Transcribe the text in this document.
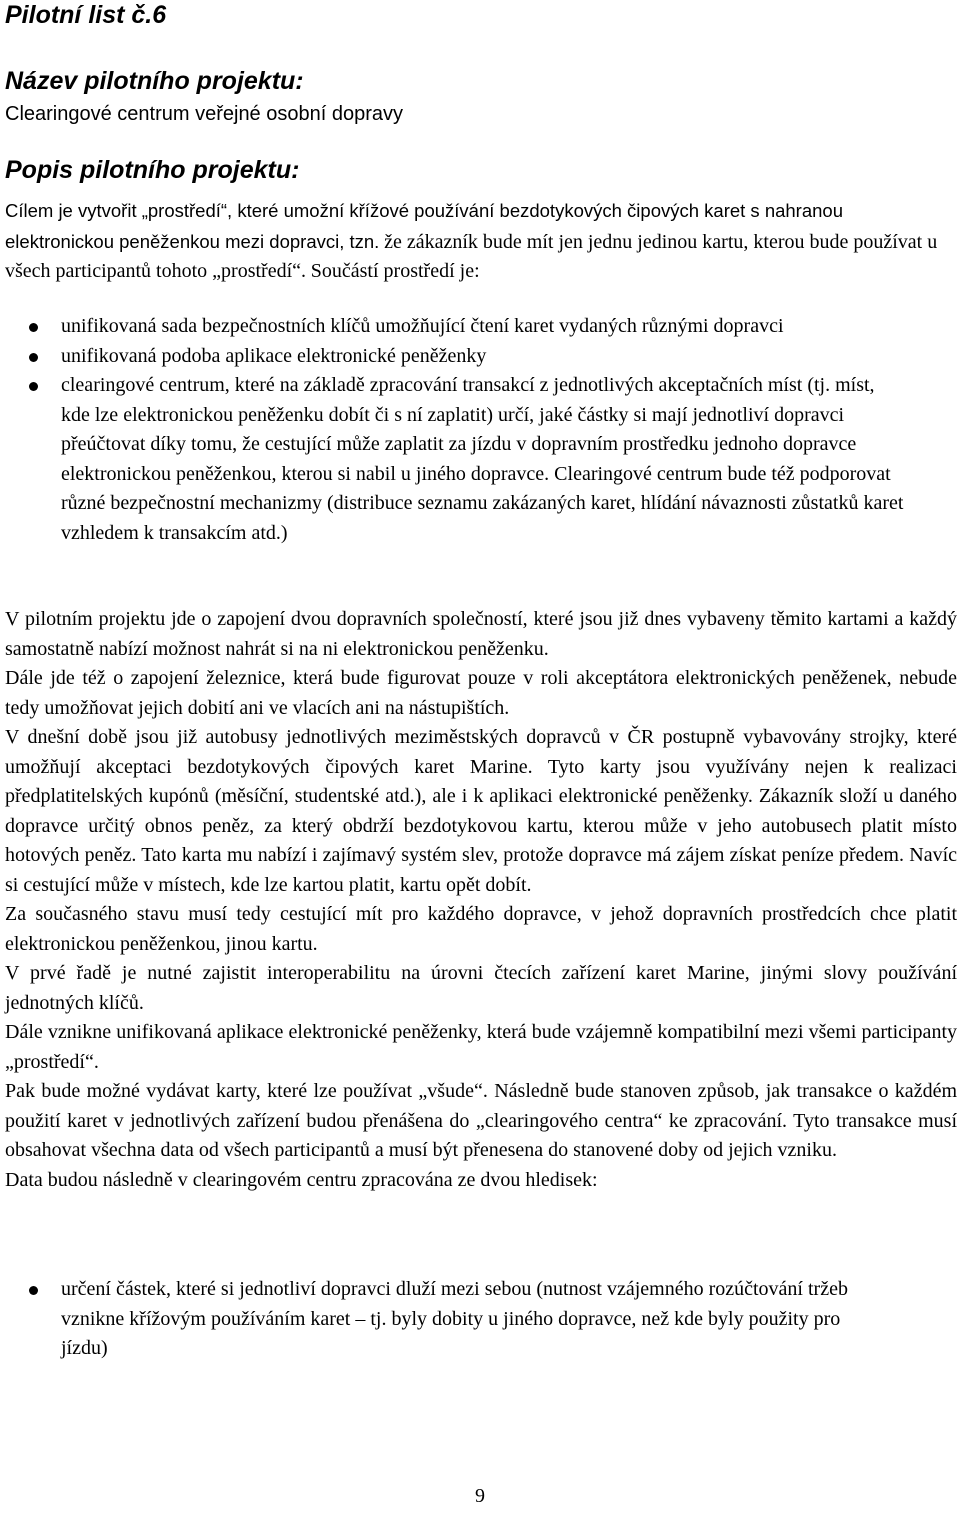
Pilotní list č.6
Název pilotního projektu:
Clearingové centrum veřejné osobní dopravy
Popis pilotního projektu:
Cílem je vytvořit „prostředí“, které umožní křížové používání bezdotykových čipových karet s nahranou elektronickou peněženkou mezi dopravci, tzn. že zákazník bude mít jen jednu jedinou kartu, kterou bude používat u všech participantů tohoto „prostředí“. Součástí prostředí je:
unifikovaná sada bezpečnostních klíčů umožňující čtení karet vydaných různými dopravci
unifikovaná podoba aplikace elektronické peněženky
clearingové centrum, které na základě zpracování transakcí z jednotlivých akceptačních míst (tj. míst, kde lze elektronickou peněženku dobít či s ní zaplatit) určí, jaké částky si mají jednotliví dopravci přeúčtovat díky tomu, že cestující může zaplatit za jízdu v dopravním prostředku jednoho dopravce elektronickou peněženkou, kterou si nabil u jiného dopravce. Clearingové centrum bude též podporovat různé bezpečnostní mechanizmy (distribuce seznamu zakázaných karet, hlídání návaznosti zůstatků karet vzhledem k transakcím atd.)

V pilotním projektu jde o zapojení dvou dopravních společností, které jsou již dnes vybaveny těmito kartami a každý samostatně nabízí možnost nahrát si na ni elektronickou peněženku.

Dále jde též o zapojení železnice, která bude figurovat pouze v roli akceptátora elektronických peněženek, nebude tedy umožňovat jejich dobití ani ve vlacích ani na nástupištích.

V dnešní době jsou již autobusy jednotlivých meziměstských dopravců v ČR postupně vybavovány strojky, které umožňují akceptaci bezdotykových čipových karet Marine. Tyto karty jsou využívány nejen k realizaci předplatitelských kupónů (měsíční, studentské atd.), ale i k aplikaci elektronické peněženky. Zákazník složí u daného dopravce určitý obnos peněz, za který obdrží bezdotykovou kartu, kterou může v jeho autobusech platit místo hotových peněz. Tato karta mu nabízí i zajímavý systém slev, protože dopravce má zájem získat peníze předem. Navíc si cestující může v místech, kde lze kartou platit, kartu opět dobít.

Za současného stavu musí tedy cestující mít pro každého dopravce, v jehož dopravních prostředcích chce platit elektronickou peněženkou, jinou kartu.

V prvé řadě je nutné zajistit interoperabilitu na úrovni čtecích zařízení karet Marine, jinými slovy používání jednotných klíčů.

Dále vznikne unifikovaná aplikace elektronické peněženky, která bude vzájemně kompatibilní mezi všemi participanty „prostředí“.

Pak bude možné vydávat karty, které lze používat „všude“. Následně bude stanoven způsob, jak transakce o každém použití karet v jednotlivých zařízení budou přenášena do „clearingového centra“ ke zpracování. Tyto transakce musí obsahovat všechna data od všech participantů a musí být přenesena do stanovené doby od jejich vzniku.

Data budou následně v clearingovém centru zpracována ze dvou hledisek:

určení částek, které si jednotliví dopravci dluží mezi sebou (nutnost vzájemného rozúčtování tržeb vznikne křížovým používáním karet – tj. byly dobity u jiného dopravce, než kde byly použity pro jízdu)
9
